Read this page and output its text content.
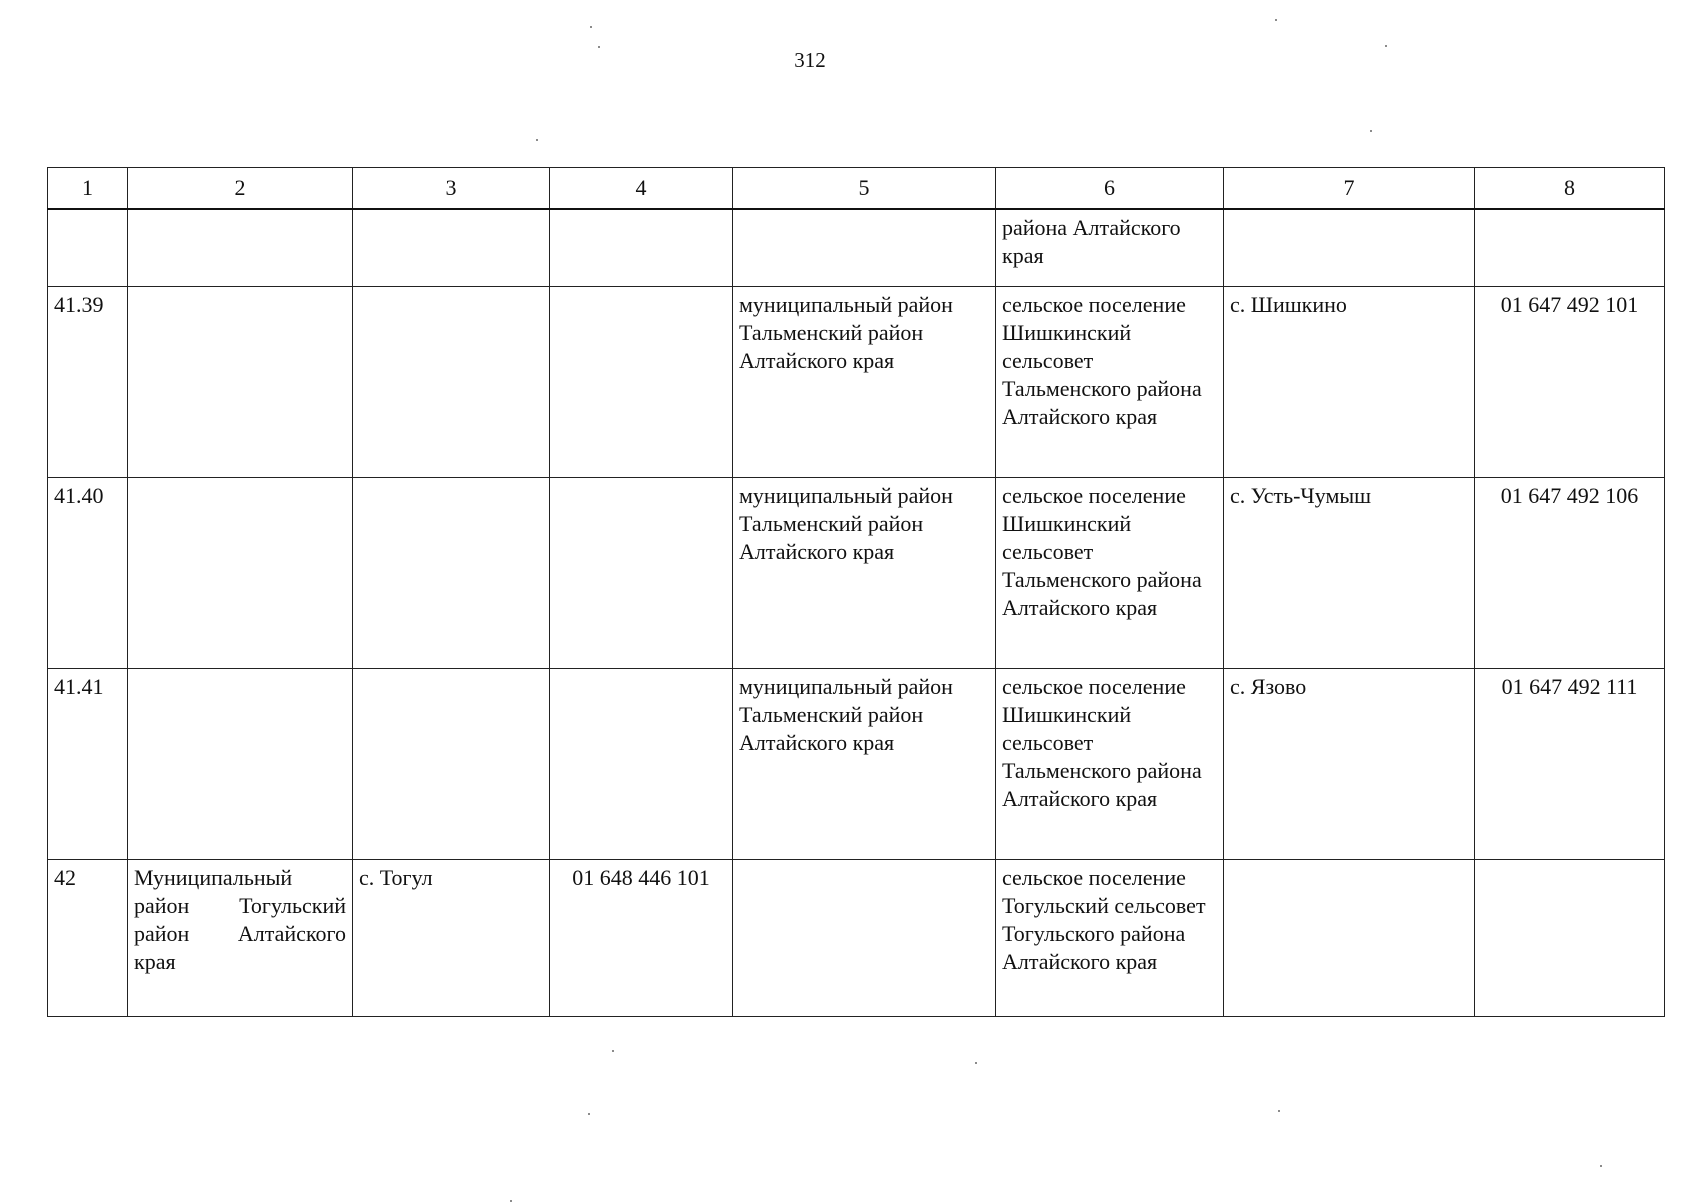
312
1	2	3	4	5	6	7	8
					района Алтайского края		
41.39				муниципальный район Тальменский район Алтайского края	сельское поселение Шишкинский сельсовет Тальменского района Алтайского края	с. Шишкино	01 647 492 101
41.40				муниципальный район Тальменский район Алтайского края	сельское поселение Шишкинский сельсовет Тальменского района Алтайского края	с. Усть-Чумыш	01 647 492 106
41.41				муниципальный район Тальменский район Алтайского края	сельское поселение Шишкинский сельсовет Тальменского района Алтайского края	с. Язово	01 647 492 111
42	Муниципальный район Тогульский район Алтайского края	с. Тогул	01 648 446 101		сельское поселение Тогульский сельсовет Тогульского района Алтайского края		
